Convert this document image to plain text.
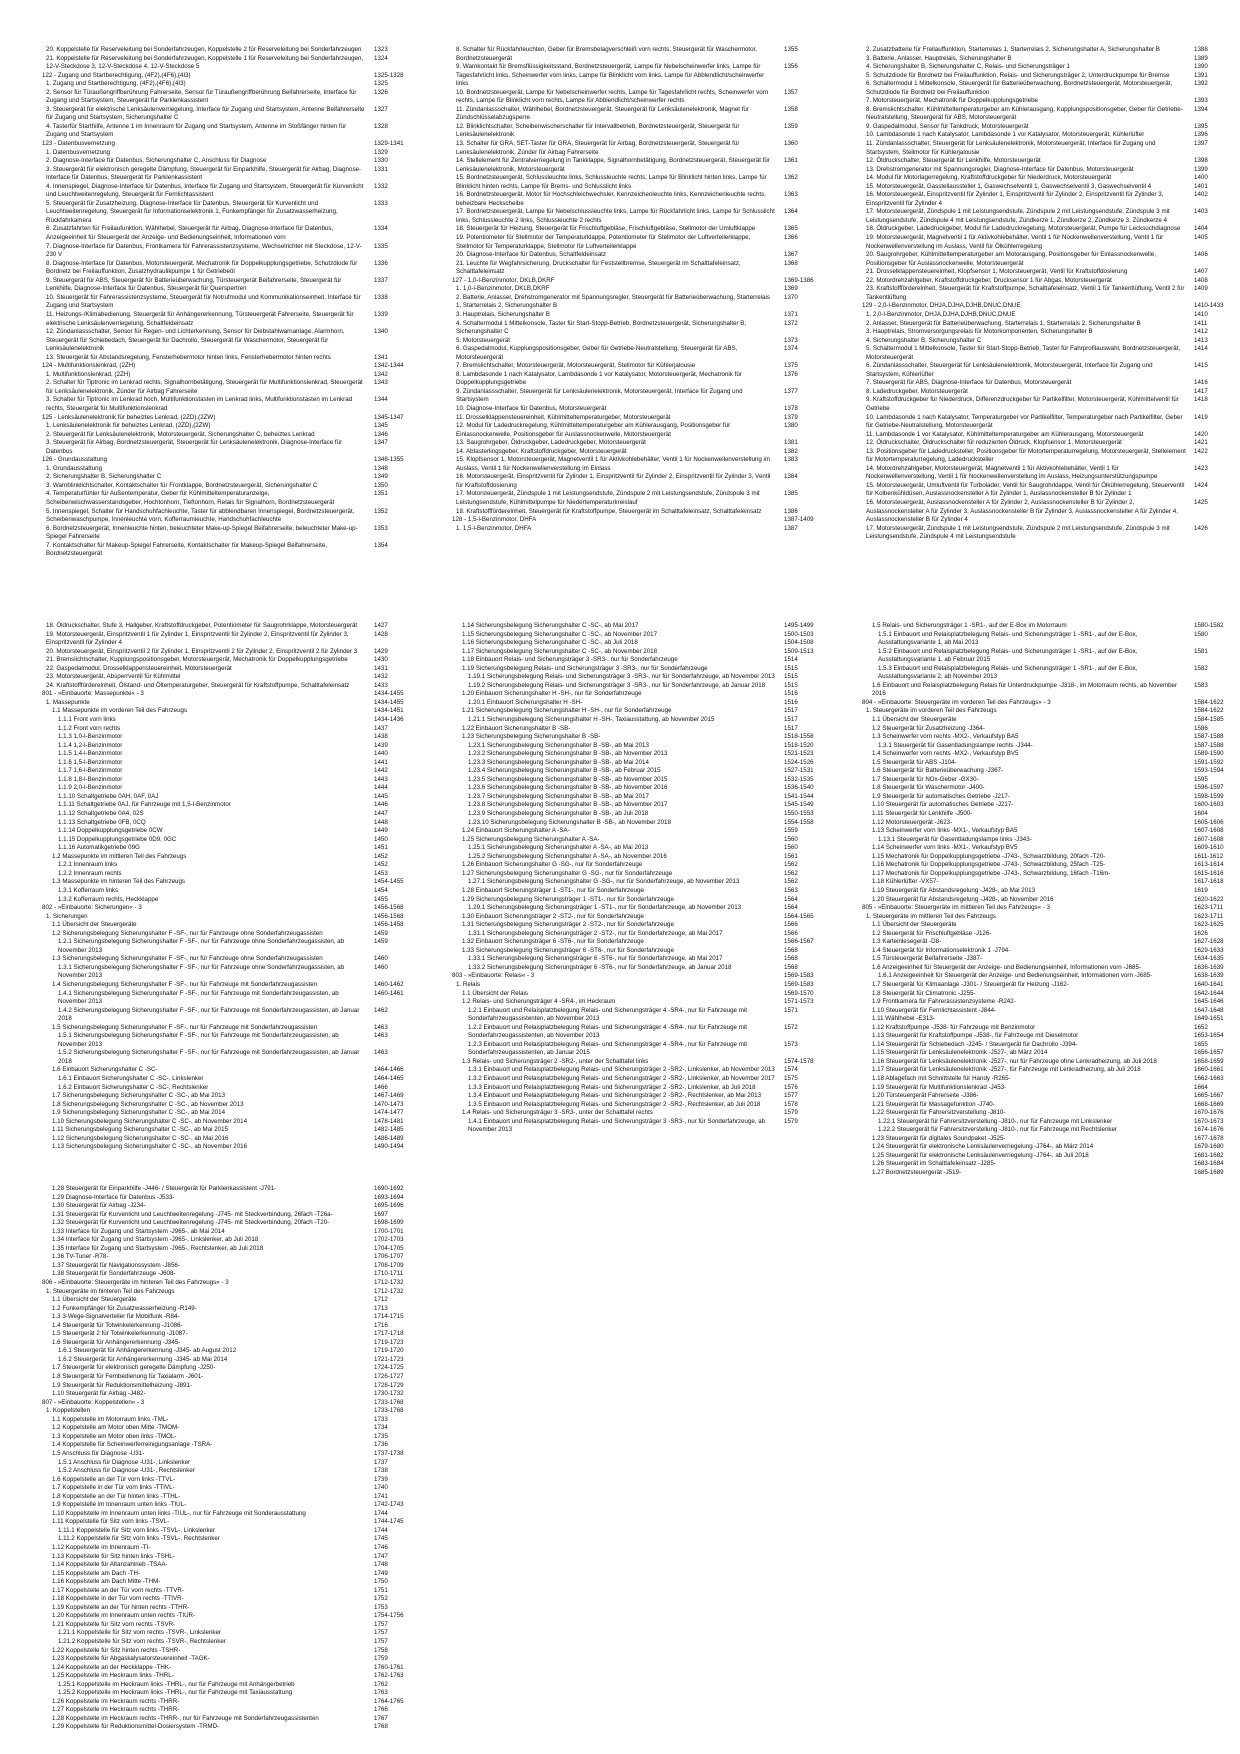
20. Koppelstelle für Reserveleitung bei Sonderfahrzeugen, Koppelstelle 2 für Reserveleitung bei Sonderfahrzeugen	1323
21. Koppelstelle für Reserveleitung bei Sonderfahrzeugen, Koppelstelle 1 für Reserveleitung bei Sonderfahrzeugen, 12-V-Steckdose 3, 12-V-Steckdose 4, 12-V-Steckdose 5
1324
122 - Zugang und Startberechtigung, (4F2),(4F6),(4I3)	1325-1328
1. Zugang und Startberechtigung, (4F2),(4F6),(4I3)	1325
2. Sensor für Türaußengriffberührung Fahrerseite, Sensor für Türaußengriffberührung Beifahrerseite, Interface für Zugang und Startsystem, Steuergerät für Parklenkassistent
1326
3. Steuergerät für elektrische Lenksäulenverriegelung, Interface für Zugang und Startsystem, Antenne Beifahrerseite für Zugang und Startsystem, Sicherungshalter C
1327
4. Tasterfür Starthilfe, Antenne 1 im Innenraum für Zugang und Startsystem, Antenne im Stoßfänger hinten für Zugang und Startsystem
1328
123 - Datenbusvernetzung	1329-1341
1. Datenbusvernetzung	1329
2. Diagnose-Interface für Datenbus, Sicherungshalter C, Anschluss für Diagnose	1330
3. Steuergerät für elektronisch geregelte Dämpfung, Steuergerät für Einparkhilfe, Steuergerät für Airbag, Diagnose-Interface für Datenbus, Steuergerät für Parklenkassistent
1331
4. Innenspiegel, Diagnose-Interface für Datenbus, Interface für Zugang und Startsystem, Steuergerät für Kurvenlicht und Leuchtweitenregelung, Steuergerät für Fernlichtassistent
1332
5. Steuergerät für Zusatzheizung, Diagnose-Interface für Datenbus, Steuergerät für Kurvenlicht und Leuchtweitenregelung, Steuergerät für Informationselektronik 1, Funkempfänger für Zusatzwasserheizung, Rückfahrkamera
1333
6. Zusatzfahrten für Freilaufunktion, Wählhebel, Steuergerät für Airbag, Diagnose-Interface für Datenbus, Anzeigeeinheit für Steuergerät der Anzeige- und Bedienungseinheit, Informationen vorn
1334
7. Diagnose-Interface für Datenbus, Frontkamera für Fahrerassistenzsysteme, Wechselrichter mit Steckdose, 12-V-230 V
1335
8. Diagnose-Interface für Datenbus, Motorsteuergerät, Mechatronik für Doppelkupplungsgetriebe, Schutzdiode für Bordnetz bei Freilauffunktion, Zusatzhydraulikpumpe 1 für Getriebeöl
1336
9. Steuergerät für ABS, Steuergerät für Batterieüberwachung, Türsteuergerät Beifahrerseite, Steuergerät für Lenkhilfe, Diagnose-Interface für Datenbus, Steuergerät für Querspertren
1337
10. Steuergerät für Fahrerassistenzsysteme, Steuergerät für Notrufmodul und Kommunikationseinheit, Interface für Zugang und Startsystem
1338
11. Heizungs-/Klimabedienung, Steuergerät für Anhängererkennung, Türsteuergerät Fahrerseite, Steuergerät für elektrische Lenksäulenverriegelung, Schaltfeldeinsatz
1339
12. Zündanlassschalter, Sensor für Regen- und Lichterkennung, Sensor für Diebstahlwarnanlage, Alarmhorn, Steuergerät für Schiebedach, Steuergerät für Dachrollo, Steuergerät für Waschermotor, Steuergerät für Lenksäulenelektronik
1340
13. Steuergerät für Abstandsregelung, Fensterhebermotor hinten links, Fensterhebermotor hinten rechts	1341
124 - Multifunktionslenkrad, (2ZH)	1342-1344
1. Multifunktionslenkrad, (2ZH)	1342
2. Schalter für Tiptronic im Lenkrad rechts, Signalhornbetätigung, Steuergerät für Multifunktionslenkrad, Steuergerät für Lenksäulenelektronik, Zünder für Airbag Fahrerseite
1343
3. Schalter für Tiptronic im Lenkrad hoch, Multifunktionstasten im Lenkrad links, Multifunktionstasten im Lenkrad rechts, Steuergerät für Multifunktionslenkrad
1344
125 - Lenksäulenelektronik für beheiztes Lenkrad, (2ZD),(2ZW)	1345-1347
1. Lenksäulenelektronik für beheiztes Lenkrad, (2ZD),(2ZW)	1345
2. Steuergerät für Lenksäulenelektronik, Motorsteuergerät, Sicherungshalter C, beheiztes Lenkrad	1346
3. Steuergerät für Airbag, Bordnetzsteuergerät, Steuergerät für Lenksäulenelektronik, Diagnose-Interface für Datenbus
1347
126 - Grundausstattung	1348-1355
1. Grundausstattung	1348
2. Sicherungshalter B, Sicherungshalter C	1349
3. Warnblinklichtschalter, Kontaktschalter für Frontklappe, Bordnetzsteuergerät, Sicherungshalter C	1350
4. Temperaturfühler für Außentemperatur, Geber für Kühlmitteltemperaturanzeige, Scheibenwischwasserstandsgeber, Hochtonhorn, Tieftonhorn, Relais für Signalhorn, Bordnetzsteuergerät
1351
5. Innenspiegel, Schalter für Handschuhfachleuchte, Taster für abblendbaren Innenspiegel, Bordnetzsteuergerät, Scheibenwaschpumpe, Innenleuchte vorn, Kofferraumleuchte, Handschuhfachleuchte
1352
6. Bordnetzsteuergerät, Innenleuchte hinten, beleuchteter Make-up-Spiegel Beifahrerseite, beleuchteter Make-up-Spiegel Fahrerseite
1353
7. Kontaktschalter für Makeup-Spiegel Fahrerseite, Kontaktschalter für Makeup-Spiegel Beifahrerseite, Bordnetzsteuergerät
1354
8. Schalter für Rückfahrleuchten, Geber für Bremsbelagverschleiß vorn rechts, Steuergerät für Waschermotor, Bordnetzsteuergerät
1355
9. Warnkontakt für Bremsflüssigkeitsstand, Bordnetzsteuergerät, Lampe für Nebelscheinwerfer links, Lampe für Tagesfahrlicht links, Scheinwerfer vorn links, Lampe für Blinklicht vorn links, Lampe für Abblendlicht/scheinwerfer links
1356
10. Bordnetzsteuergerät, Lampe für Nebelscheinwerfer rechts, Lampe für Tagesfahrlicht rechts, Scheinwerfer vorn rechts, Lampe für Blinklicht vorn rechts, Lampe für Abblendlicht/scheinwerfer rechts
1357
11. Zündanlassschalter, Wählhebel, Bordnetzsteuergerät, Steuergerät für Lenksäulenelektronik, Magnet für Zündschlüsselabzugsperre
1358
12. Blinklichtschalter, Scheibenwischerschalter für Intervallbetrieb, Bordnetzsteuergerät, Steuergerät für Lenksäulenelektronik
1359
13. Schalter für GRA, SET-Taster für GRA, Steuergerät für Airbag, Bordnetzsteuergerät, Steuergerät für Lenksäulenelektronik, Zünder für Airbag Fahrerseite
1360
14. Stellelement für Zentralverriegelung in Tankklappe, Signalhornbetätigung, Bordnetzsteuergerät, Steuergerät für Lenksäulenelektronik, Motorsteuergerät
1361
15. Bordnetzsteuergerät, Schlussleuchte links, Schlussleuchte rechts, Lampe für Blinklicht hinten links, Lampe für Blinklicht hinten rechts, Lampe für Brems- und Schlusslicht links
1362
16. Bordnetzsteuergerät, Motor für Hochschleichwechsler, Kennzeichenleuchte links, Kennzeichenleuchte rechts, beheizbare Heckscheibe
1363
17. Bordnetzsteuergerät, Lampe für Nebelschlussleuchte links, Lampe für Rückfahrlicht links, Lampe für Schlusslicht links, Schlussleuchte 2 links, Schlussleuchte 2 rechts
1364
18. Steuergerät für Heizung, Steuergerät für Frischluftgebläse, Frischluftgebläse, Stellmotor der Umluftklappe	1365
19. Potentiometer für Stellmotor der Temperaturklappe, Potentiometer für Stellmotor der Luftverteilerklappe, Stellmotor für Temperaturklappe, Stellmotor für Luftverteilerklappe
1366
20. Diagnose-Interface für Datenbus, Schaltfeldeinsatz	1367
21. Leuchte für Wegfahrsicherung, Druckschalter für Feststellbremse, Steuergerät im Schalttafeleinsatz, Schalttafeleinsatz
1368
127 - 1,0-l-Benzinmotor, DKLB,DKRF	1369-1386
1. 1,0-l-Benzinmotor, DKLB,DKRF	1369
2. Batterie, Anlasser, Drehstromgenerator mit Spannungsregler, Steuergerät für Batterieüberwachung, Starterrelais 1, Starterrelais 2, Sicherungshalter B
1370
3. Hauptrelais, Sicherungshalter B	1371
4. Schaltermodul 1 Mittelkonsole, Taster für Start-Stopp-Betrieb, Bordnetzsteuergerät, Sicherungshalter B, Sicherungshalter C
1372
5. Motorsteuergerät	1373
6. Gaspedalmodul, Kupplungspositionsgeber, Geber für Getriebe-Neutralstellung, Steuergerät für ABS, Motorsteuergerät
1374
7. Bremslichtschalter, Motorsteuergerät, Motorsteuergerät, Stellmotor für Kühlerjalousie	1375
8. Lambdasonde 1 nach Katalysator, Lambdasonde 1 vor Katalysator, Motorsteuergerät, Mechatronik für Doppelkupplungsgetriebe
1376
9. Zündanlassschalter, Steuergerät für Lenksäulenelektronik, Motorsteuergerät, Interface für Zugang und Startsystem
1377
10. Diagnose-Interface für Datenbus, Motorsteuergerät	1378
11. Drosselklappensteuereinheit, Kühlmitteltemperaturgeber, Motorsteuergerät	1379
12. Modul für Ladedruckregelung, Kühlmitteltemperaturgeber am Kühlerausgang, Positionsgeber für Einlassnockenwelle, Positionsgeber für Auslassnockenwelle, Motorsteuergerät
1380
13. Saugrohrgeber, Öldruckgeber, Ladedruckgeber, Motorsteuergerät	1381
14. Abtasterlingsgeber, Kraftstoffdruckgeber, Motorsteuergerät	1382
15. Klopfsensor 1, Motorsteuergerät, Magnetventil 1 für Aktivkohlebehälter, Ventil 1 für Nockenwellenverstellung im Auslass, Ventil 1 für Nockenwellenverstellung im Einlass
1383
16. Motorsteuergerät, Einspritzventil für Zylinder 1, Einspritzventil für Zylinder 2, Einspritzventil für Zylinder 3, Ventil für Kraftstoffdosierung
1384
17. Motorsteuergerät, Zündspule 1 mit Leistungsendstufe, Zündspule 2 mit Leistungsendstufe, Zündspule 3 mit Leistungsendstufe, Kühlmittelpumpe für Niedertemperaturkreislauf
1385
18. Kraftstoffförderelnheit, Steuergerät für Kraftstoffpumpe, Steuergerät im Schalttafeleinsatz, Schalttafeleinsatz	1386
128 - 1,5-l-Benzinmotor, DHFA	1387-1409
1. 1,5-l-Benzinmotor, DHFA	1387
2. Zusatzbatterie für Freilauffunktion, Starterrelais 1, Starterrelais 2, Sicherungshalter A, Sicherungshalter B	1388
3. Batterie, Anlasser, Hauptrelais, Sicherungshalter B	1389
4. Sicherungshalter B, Sicherungshalter C, Relais- und Sicherungsträger 1	1390
5. Schutzdiode für Bordnetz bei Freilauffunktion, Relais- und Sicherungsträger 2, Unterdruckpumpe für Bremse	1391
6. Schaltermodul 1 Mittelkonsole, Steuergerät für Batterieüberwachung, Bordnetzsteuergerät, Motorsteuergerät, Schutzdiode für Bordnetz bei Freilauffunktion
1392
7. Motorsteuergerät, Mechatronik für Doppelkupplungsgetriebe	1393
8. Bremslichtschalter, Kühlmitteltemperaturgeber am Kühlerausgang, Kupplungspositionsgeber, Geber für Getriebe-Neutralstellung, Steuergerät für ABS, Motorsteuergerät
1394
9. Gaspedalmodul, Sensor für Tankdruck, Motorsteuergerät	1395
10. Lambdasonde 1 nach Katalysator, Lambdasonde 1 vor Katalysator, Motorsteuergerät, Kühlerlüfter	1396
11. Zündanlassschalter, Steuergerät für Lenksäulenelektronik, Motorsteuergerät, Interface für Zugang und Startsystem, Stellmotor für Kühlerjalousie
1397
12. Öldruckschalter, Steuergerät für Lenkhilfe, Motorsteuergerät	1398
13. Drehstromgenerator mit Spannungsregler, Diagnose-Interface für Datenbus, Motorsteuergerät	1399
14. Modul für Motorlagerregelung, Kraftstoffdruckgeber für Niederdruck, Motorsteuergerät	1400
15. Motorsteuergerät, Gasstellaussteller 1, Gaswechselventil 1, Gaswechselventil 3, Gaswechselventil 4	1401
16. Motorsteuergerät, Einspritzventil für Zylinder 1, Einspritzventil für Zylinder 2, Einspritzventil für Zylinder 3, Einspritzventil für Zylinder 4
1402
17. Motorsteuergerät, Zündspule 1 mit Leistungsendstufe, Zündspule 2 mit Leistungsendstufe, Zündspule 3 mit Leistungsendstufe, Zündspule 4 mit Leistungsendstufe, Zündkerze 1, Zündkerze 2, Zündkerze 3, Zündkerze 4
1403
18. Öldruckgeber, Ladedruckgeber, Modul für Ladedruckregelung, Motorsteuergerät, Pumpe für Lecksuchdiagnose	1404
19. Motorsteuergerät, Magnetventil 1 für Aktivkohlebehälter, Ventil 1 für Nockenwellenverstellung, Ventil 1 für Nockenwellenverstellung im Auslass, Ventil für Ölkühlerregelung
1405
20. Saugrohrgeber, Kühlmitteltemperaturgeber am Motorausgang, Positionsgeber für Einlassnockenwelle, Positionsgeber für Auslassnockenwelle, Motorsteuergerät
1406
21. Drosselklappensteuereinheit, Klopfsensor 1, Motorsteuergerät, Ventil für Kraftstoffdosierung	1407
22. Motordrehzahlgeber, Kraftstoffdruckgeber, Drucksensor 1 für Abgas, Motorsteuergerät	1408
23. Kraftstoffförderelnheit, Steuergerät für Kraftstoffpumpe, Schalttafeleinsatz, Ventil 1 für Tankentlüftung, Ventil 2 für Tankentlüftung
1409
129 - 2,0-l-Benzinmotor, DHJA,DJHA,DJHB,DNUC,DNUE	1410-1433
1. 2,0-l-Benzinmotor, DHJA,DJHA,DJHB,DNUC,DNUE	1410
2. Anlasser, Steuergerät für Batterieüberwachung, Starterrelais 1, Starterrelais 2, Sicherungshalter B	1411
3. Hauptrelais, Stromversorgungsrelais für Motorkomponenten, Sicherungshalter B	1412
4. Sicherungshalter B, Sicherungshalter C	1413
5. Schaltermodul 1 Mittelkonsole, Taster für Start-Stopp-Betrieb, Taster für Fahrprofilauswahl, Bordnetzsteuergerät, Motorsteuergerät
1414
6. Zündanlassschalter, Steuergerät für Lenksäulenelektronik, Motorsteuergerät, Interface für Zugang und Startsystem, Kühlerlüfter
1415
7. Steuergerät für ABS, Diagnose-Interface für Datenbus, Motorsteuergerät	1416
8. Ladedruckgeber, Motorsteuergerät	1417
9. Kraftstoffdruckgeber für Niederdruck, Differenzdruckgeber für Partikelfilter, Motorsteuergerät, Kühlmittelventil für Getriebe
1418
10. Lambdasonde 1 nach Katalysator, Temperaturgeber vor Partikelfilter, Temperaturgeber nach Partikelfilter, Geber für Getriebe-Neutralstellung, Motorsteuergerät
1419
11. Lambdasonde 1 vor Katalysator, Kühlmitteltemperaturgeber am Kühlerausgang, Motorsteuergerät	1420
12. Öldruckschalter, Öldruckschalter für reduzierten Öldruck, Klopfsensor 1, Motorsteuergerät	1421
13. Positionsgeber für Ladedrucksteller, Positionsgeber für Motortemperaturregelung, Motorsteuergerät, Stellelement für Motortemperaturregelung, Ladedrucksteller
1422
14. Motordrehzahlgeber, Motorsteuergerät, Magnetventil 1 für Aktivkohlebehälter, Ventil 1 für Nockenwellenverstellung, Ventil 1 für Nockenwellenverstellung im Auslass, Heizungsunterstützungspumpe
1423
15. Motorsteuergerät, Umluftventil für Turbolader, Ventil für Saugrohrklappe, Ventil für Ölkühlerregelung, Steuerventil für Kolbenkühldüsen, Auslassnockensteller A für Zylinder 1, Auslassnockensteller B für Zylinder 1
1424
16. Motorsteuergerät, Auslassnockensteller A für Zylinder 2, Auslassnockensteller B für Zylinder 2, Auslassnockensteller A für Zylinder 3, Auslassnockensteller B für Zylinder 3, Auslassnockensteller A für Zylinder 4, Auslassnockensteller B für Zylinder 4
1425
17. Motorsteuergerät, Zündspule 1 mit Leistungsendstufe, Zündspule 2 mit Leistungsendstufe, Zündspule 3 mit Leistungsendstufe, Zündspule 4 mit Leistungsendstufe
1426
18. Öldruckschalter, Stufe 3, Hallgeber, Kraftstoffdruckgeber, Potentiometer für Saugrohrklappe, Motorsteuergerät	1427
19. Motorsteuergerät, Einspritzventil 1 für Zylinder 1, Einspritzventil für Zylinder 2, Einspritzventil für Zylinder 3, Einspritzventil für Zylinder 4
1428
20. Motorsteuergerät, Einspritzventil 2 für Zylinder 1, Einspritzventil 2 für Zylinder 2, Einspritzventil 2 für Zylinder 3	1429
21. Bremslichtschalter, Kupplungspositionsgeber, Motorsteuergerät, Mechatronik für Doppelkupplungsgetriebe	1430
22. Gaspedalmodul, Drosselklappensteuereinheit, Motorsteuergerät	1431
23. Motorsteuergerät, Absperrventil für Kühlmittel	1432
24. Kraftstoffförderelnheit, Ölstand- und Öltemperaturgeber, Steuergerät für Kraftstoffpumpe, Schalttafeleinsatz	1433
801 - »Einbauorte: Massepunkte« - 3	1434-1455
1. Massepunkte	1434-1455
1.1 Massepunkte im vorderen Teil des Fahrzeugs	1434-1451
1.1.1 Front vorn links	1434-1436
1.1.2 Front vorn rechts	1437
1.1.3 1,0-l-Benzinmotor	1438
1.1.4 1,2-l-Benzinmotor	1439
1.1.5 1,4-l-Benzinmotor	1440
1.1.6 1,5-l-Benzinmotor	1441
1.1.7 1,6-l-Benzinmotor	1442
1.1.8 1,8-l-Benzinmotor	1443
1.1.9 2,0-l-Benzinmotor	1444
1.1.10 Schaltgetriebe 0AH, 0AF, 0AJ	1445
1.1.11 Schaltgetriebe 0AJ, für Fahrzeuge mit 1,5-l-Benzinmotor	1446
1.1.12 Schaltgetriebe 0A4, 02S	1447
1.1.13 Schaltgetriebe 0FB, 0CQ	1448
1.1.14 Doppelkupplungsgetriebe 0CW	1449
1.1.15 Doppelkupplungsgetriebe 0D9, 0GC	1450
1.1.16 Automatikgetriebe 09G	1451
1.2 Massepunkte im mittleren Teil des Fahrzeugs	1452
1.2.1 Innenraum links	1452
1.2.2 Innenraum rechts	1453
1.3 Massepunkte im hinteren Teil des Fahrzeugs	1454-1455
1.3.1 Kofferraum links	1454
1.3.2 Kofferraum rechts, Heckklappe	1455
802 - »Einbauorte: Sicherungen« - 3	1456-1568
1. Sicherungen	1456-1568
1.1 Übersicht der Steuergeräte	1456-1458
1.2 Sicherungsbelegung Sicherungshalter F -SF-, nur für Fahrzeuge ohne Sonderfahrzeugassisten	1459
1.2.1 Sicherungsbelegung Sicherungshalter F -SF-, nur für Fahrzeuge ohne Sonderfahrzeugassisten, ab November 2013
1459
1.3 Sicherungsbelegung Sicherungshalter F -SF-, nur für Fahrzeuge ohne Sonderfahrzeugassisten	1460
1.3.1 Sicherungsbelegung Sicherungshalter F -SF-, nur für Fahrzeuge ohne Sonderfahrzeugassisten, ab November 2013
1460
1.4 Sicherungsbelegung Sicherungshalter F -SF-, nur für Fahrzeuge mit Sonderfahrzeugassisten	1460-1462
1.4.1 Sicherungsbelegung Sicherungshalter F -SF-, nur für Fahrzeuge mit Sonderfahrzeugassisten, ab November 2013
1460-1461
1.4.2 Sicherungsbelegung Sicherungshalter F -SF-, nur für Fahrzeuge mit Sonderfahrzeugassisten, ab Januar 2018
1462
1.5 Sicherungsbelegung Sicherungshalter F -SF-, nur für Fahrzeuge mit Sonderfahrzeugassisten	1463
1.5.1 Sicherungsbelegung Sicherungshalter F -SF-, nur für Fahrzeuge mit Sonderfahrzeugassisten, ab November 2013
1463
1.5.2 Sicherungsbelegung Sicherungshalter F -SF-, nur für Fahrzeuge mit Sonderfahrzeugassisten, ab Januar 2018
1463
1.6 Einbauort Sicherungshalter C -SC-	1464-1466
1.6.1 Einbauort Sicherungshalter C -SC-, Linkslenker	1464-1465
1.6.2 Einbauort Sicherungshalter C -SC-, Rechtslenker	1466
1.7 Sicherungsbelegung Sicherungshalter C -SC-, ab Mai 2013	1467-1469
1.8 Sicherungsbelegung Sicherungshalter C -SC-, ab November 2013	1470-1473
1.9 Sicherungsbelegung Sicherungshalter C -SC-, ab Mai 2014	1474-1477
1.10 Sicherungsbelegung Sicherungshalter C -SC-, ab November 2014	1478-1481
1.11 Sicherungsbelegung Sicherungshalter C -SC-, ab Mai 2015	1482-1485
1.12 Sicherungsbelegung Sicherungshalter C -SC-, ab Mai 2016	1486-1489
1.13 Sicherungsbelegung Sicherungshalter C -SC-, ab November 2016	1490-1494
1.14 Sicherungsbelegung Sicherungshalter C -SC-, ab Mai 2017	1495-1499
1.15 Sicherungsbelegung Sicherungshalter C -SC-, ab November 2017	1500-1503
1.16 Sicherungsbelegung Sicherungshalter C -SC-, ab Juli 2018	1504-1508
1.17 Sicherungsbelegung Sicherungshalter C -SC-, ab November 2018	1509-1513
1.18 Einbauort Relais- und Sicherungsträger 3 -SR3-, nur für Sonderfahrzeuge	1514
1.19 Sicherungsbelegung Relais- und Sicherungsträger 3 -SR3-, nur für Sonderfahrzeuge	1515
1.19.1 Sicherungsbelegung Relais- und Sicherungsträger 3 -SR3-, nur für Sonderfahrzeuge, ab November 2013	1515
1.19.2 Sicherungsbelegung Relais- und Sicherungsträger 3 -SR3-, nur für Sonderfahrzeuge, ab Januar 2018	1515
1.20 Einbauort Sicherungshalter H -SH-, nur für Sonderfahrzeuge	1516
1.20.1 Einbauort Sicherungshalter H -SH-	1516
1.21 Sicherungsbelegung Sicherungshalter H -SH-, nur für Sonderfahrzeuge	1517
1.21.1 Sicherungsbelegung Sicherungshalter H -SH-, Taxiausstattung, ab November 2015	1517
1.22 Einbauort Sicherungshalter B -SB-	1517
1.23 Sicherungsbelegung Sicherungshalter B -SB-	1518-1558
1.23.1 Sicherungsbelegung Sicherungshalter B -SB-, ab Mai 2013	1518-1520
1.23.2 Sicherungsbelegung Sicherungshalter B -SB-, ab November 2013	1521-1523
1.23.3 Sicherungsbelegung Sicherungshalter B -SB-, ab Mai 2014	1524-1526
1.23.4 Sicherungsbelegung Sicherungshalter B -SB-, ab Februar 2015	1527-1531
1.23.5 Sicherungsbelegung Sicherungshalter B -SB-, ab November 2015	1532-1535
1.23.6 Sicherungsbelegung Sicherungshalter B -SB-, ab November 2016	1536-1540
1.23.7 Sicherungsbelegung Sicherungshalter B -SB-, ab Mai 2017	1541-1544
1.23.8 Sicherungsbelegung Sicherungshalter B -SB-, ab November 2017	1545-1549
1.23.9 Sicherungsbelegung Sicherungshalter B -SB-, ab Juli 2018	1550-1553
1.23.10 Sicherungsbelegung Sicherungshalter B -SB-, ab November 2018	1554-1558
1.24 Einbauort Sicherungshalter A -SA-	1559
1.25 Sicherungsbelegung Sicherungshalter A -SA-	1560
1.25.1 Sicherungsbelegung Sicherungshalter A -SA-, ab Mai 2013	1560
1.25.2 Sicherungsbelegung Sicherungshalter A -SA-, ab November 2016	1561
1.26 Einbauort Sicherungshalter G -SG-, nur für Sonderfahrzeuge	1562
1.27 Sicherungsbelegung Sicherungshalter G -SG-, nur für Sonderfahrzeuge	1562
1.27.1 Sicherungsbelegung Sicherungshalter G -SG-, nur für Sonderfahrzeuge, ab November 2013	1562
1.28 Einbauort Sicherungsträger 1 -ST1-, nur für Sonderfahrzeuge	1563
1.29 Sicherungsbelegung Sicherungsträger 1 -ST1-, nur für Sonderfahrzeuge	1564
1.29.1 Sicherungsbelegung Sicherungsträger 1 -ST1-, nur für Sonderfahrzeuge, ab November 2013	1564
1.30 Einbauort Sicherungsträger 2 -ST2-, nur für Sonderfahrzeuge	1564-1565
1.31 Sicherungsbelegung Sicherungsträger 2 -ST2-, nur für Sonderfahrzeuge	1566
1.31.1 Sicherungsbelegung Sicherungsträger 2 -ST2-, nur für Sonderfahrzeuge, ab Mai 2017	1566
1.32 Einbauort Sicherungsträger 6 -ST6-, nur für Sonderfahrzeuge	1566-1567
1.33 Sicherungsbelegung Sicherungsträger 6 -ST6-, nur für Sonderfahrzeuge	1568
1.33.1 Sicherungsbelegung Sicherungsträger 6 -ST6-, nur für Sonderfahrzeuge, ab Mai 2017	1568
1.33.2 Sicherungsbelegung Sicherungsträger 6 -ST6-, nur für Sonderfahrzeuge, ab Januar 2018	1568
803 - »Einbauorte: Relais« - 3	1569-1583
1. Relais	1569-1583
1.1 Übersicht der Relais	1569-1570
1.2 Relais- und Sicherungsträger 4 -SR4-, im Heckraum	1571-1573
1.2.1 Einbauort und Relaisplatzbelegung Relais- und Sicherungsträger 4 -SR4-, nur für Fahrzeuge mit Sonderfahrzeugassistenten, ab November 2013
1571
1.2.2 Einbauort und Relaisplatzbelegung Relais- und Sicherungsträger 4 -SR4-, nur für Fahrzeuge mit Sonderfahrzeugassistenten, ab November 2013
1572
1.2.3 Einbauort und Relaisplatzbelegung Relais- und Sicherungsträger 4 -SR4-, nur für Fahrzeuge mit Sonderfahrzeugassistenten, ab Januar 2015
1573
1.3 Relais- und Sicherungsträger 2 -SR2-, unter der Schalttafel links	1574-1578
1.3.1 Einbauort und Relaisplatzbelegung Relais- und Sicherungsträger 2 -SR2-, Linkslenker, ab November 2013	1574
1.3.2 Einbauort und Relaisplatzbelegung Relais- und Sicherungsträger 2 -SR2-, Linkslenker, ab November 2017	1575
1.3.3 Einbauort und Relaisplatzbelegung Relais- und Sicherungsträger 2 -SR2-, Linkslenker, ab Juli 2018	1576
1.3.4 Einbauort und Relaisplatzbelegung Relais- und Sicherungsträger 2 -SR2-, Rechtslenker, ab Mai 2013	1577
1.3.5 Einbauort und Relaisplatzbelegung Relais- und Sicherungsträger 2 -SR2-, Rechtslenker, ab Juli 2018	1578
1.4 Relais- und Sicherungsträger 3 -SR3-, unter der Schalttafel rechts	1579
1.4.1 Einbauort und Relaisplatzbelegung Relais- und Sicherungsträger 3 -SR3-, nur für Sonderfahrzeuge, ab November 2013
1579
1.5 Relais- und Sicherungsträger 1 -SR1-, auf der E-Box im Motorraum	1580-1582
1.5.1 Einbauort und Relaisplatzbelegung Relais- und Sicherungsträger 1 -SR1-, auf der E-Box, Ausstattungsvariante 1, ab Mai 2013
1580
1.5.2 Einbauort und Relaisplatzbelegung Relais- und Sicherungsträger 1 -SR1-, auf der E-Box, Ausstattungsvariante 1, ab Februar 2015
1581
1.5.3 Einbauort und Relaisplatzbelegung Relais- und Sicherungsträger 1 -SR1-, auf der E-Box, Ausstattungsvariante 2, ab November 2013
1582
1.6 Einbauort und Relaisplatzbelegung Relais für Unterdruckpumpe -J318-, im Motorraum rechts, ab November 2016
1583
804 - »Einbauorte: Steuergeräte im vorderen Teil des Fahrzeugs« - 3	1584-1622
1. Steuergeräte im vorderen Teil des Fahrzeugs	1584-1622
1.1 Übersicht der Steuergeräte	1584-1585
1.2 Steuergerät für Zusatzheizung -J364-	1586
1.3 Scheinwerfer vorn rechts -MX2-, Verkaufstyp BA5	1587-1588
1.3.1 Steuergerät für Gasentladungslampe rechts -J344-	1587-1588
1.4 Scheinwerfer vorn rechts -MX2-, Verkaufstyp BV5	1589-1590
1.5 Steuergerät für ABS -J104-	1591-1592
1.6 Steuergerät für Batterieüberwachung -J367-	1593-1594
1.7 Steuergerät für NOx-Geber -GX30-	1595
1.8 Steuergerät für Waschermotor -J400-	1596-1597
1.9 Steuergerät für automatisches Getriebe -J217-	1598-1599
1.10 Steuergerät für automatisches Getriebe -J217-	1600-1603
1.11 Steuergerät für Lenkhilfe -J500-	1604
1.12 Motorsteuergerät -J623-	1605-1606
1.13 Scheinwerfer vorn links -MX1-, Verkaufstyp BA5	1607-1608
1.13.1 Steuergerät für Gasentladungslampe links -J343-	1607-1608
1.14 Scheinwerfer vorn links -MX1-, Verkaufstyp BV5	1609-1610
1.15 Mechatronik für Doppelkupplungsgetriebe -J743-, Schwarzbildung, 20fach -T20-	1611-1612
1.16 Mechatronik für Doppelkupplungsgetriebe -J743-, Schwarzbildung, 25fach -T25-	1613-1614
1.17 Mechatronik für Doppelkupplungsgetriebe -J743-, Schwarzbildung, 16fach -T16m-	1615-1616
1.18 Kühlerlüfter -VX57-	1617-1618
1.19 Steuergerät für Abstandsregelung -J428-, ab Mai 2013	1619
1.20 Steuergerät für Abstandsregelung -J428-, ab November 2016	1620-1622
805 - »Einbauorte: Steuergeräte im mittleren Teil des Fahrzeugs« - 3	1623-1711
1. Steuergeräte im mittleren Teil des Fahrzeugs	1623-1711
1.1 Übersicht der Steuergeräte	1623-1625
1.2 Steuergerät für Frischluftgebläse -J126-	1626
1.3 Karteinlesegerät -D8-	1627-1628
1.4 Steuergerät für Informationselektronik 1 -J794-	1629-1633
1.5 Türsteuergerät Beifahrerseite -J387-	1634-1635
1.6 Anzeigeeinheit für Steuergerät der Anzeige- und Bedienungseinheit, Informationen vorn -J685-	1636-1639
1.6.1 Anzeigeeinheit für Steuergerät der Anzeige- und Bedienungseinheit, Informationen vorn -J685-	1638-1639
1.7 Steuergerät für Klimaanlage -J301- / Steuergerät für Heizung -J162-	1640-1641
1.8 Steuergerät für Climatronic -J255-	1642-1644
1.9 Frontkamera für Fahrerassistenzsysteme -R242-	1645-1646
1.10 Steuergerät für Fernlichtassistent -J844-	1647-1648
1.11 Wählhebel -E313-	1649-1651
1.12 Kraftstoffpumpe -J538- für Fahrzeuge mit Benzinmotor	1652
1.13 Steuergerät für Kraftstoffpumpe -J538-, für Fahrzeuge mit Dieselmotor	1653-1654
1.14 Steuergerät für Schiebedach -J245- / Steuergerät für Dachrollo -J394-	1655
1.15 Steuergerät für Lenksäulenelektronik -J527-, ab März 2014	1656-1657
1.16 Steuergerät für Lenksäulenelektronik -J527-, nur für Fahrzeuge ohne Lenkradheizung, ab Juli 2018	1658-1659
1.17 Steuergerät für Lenksäulenelektronik -J527-, für Fahrzeuge mit Lenkradheizung, ab Juli 2018	1660-1661
1.18 Ablagefach mit Schnittstelle für Handy -R265-	1662-1663
1.19 Steuergerät für Multifunktionslenkrad -J453-	1664
1.20 Türsteuergerät Fahrerseite -J386-	1665-1667
1.21 Steuergerät für Massagefunktion -J740-	1668-1669
1.22 Steuergerät für Fahrersitzverstellung -J810-	1670-1676
1.22.1 Steuergerät für Fahrersitzverstellung -J810-, nur für Fahrzeuge mit Linkslenker	1670-1673
1.22.2 Steuergerät für Fahrersitzverstellung -J810-, nur für Fahrzeuge mit Rechtslenker	1674-1676
1.23 Steuergerät für digitales Soundpaket -J525-	1677-1678
1.24 Steuergerät für elektronische Lenksäulenverriegelung -J764-, ab März 2014	1679-1680
1.25 Steuergerät für elektronische Lenksäulenverriegelung -J764-, ab Juli 2018	1681-1682
1.26 Steuergerät im Schalttafeleinsatz -J285-	1683-1684
1.27 Bordnetzsteuergerät -J519-	1685-1689
1.28 Steuergerät für Einparkhilfe -J446- / Steuergerät für Parklenkassistent -J791-	1690-1692
1.29 Diagnose-Interface für Datenbus -J533-	1693-1694
1.30 Steuergerät für Airbag -J234-	1695-1696
1.31 Steuergerät für Kurvenlicht und Leuchtweitenregelung -J745- mit Steckverbindung, 26fach -T26a-	1697
1.32 Steuergerät für Kurvenlicht und Leuchtweitenregelung -J745- mit Steckverbindung, 20fach -T20-	1698-1699
1.33 Interface für Zugang und Startsystem -J965-, ab Mai 2014	1700-1701
1.34 Interface für Zugang und Startsystem -J965-, Linkslenker, ab Juli 2018	1702-1703
1.35 Interface für Zugang und Startsystem -J965-, Rechtslenker, ab Juli 2018	1704-1705
1.36 TV-Tuner -R78-	1706-1707
1.37 Steuergerät für Navigationssystem -J856-	1708-1709
1.38 Steuergerät für Sonderfahrzeuge -J608-	1710-1711
806 - »Einbauorte: Steuergeräte im hinteren Teil des Fahrzeugs« - 3	1712-1732
1. Steuergeräte im hinteren Teil des Fahrzeugs	1712-1732
1.1 Übersicht der Steuergeräte	1712
1.2 Funkempfänger für Zusatzwasserheizung -R149-	1713
1.3 3-Wege-Signalverteiler für Mobilfunk -R84-	1714-1715
1.4 Steuergerät für Totwinkelerkennung -J1086-	1716
1.5 Steuergerät 2 für Totwinkelerkennung -J1087-	1717-1718
1.6 Steuergerät für Anhängererkennung -J345-	1719-1723
1.6.1 Steuergerät für Anhängererkennung -J345- ab August 2012	1719-1720
1.6.2 Steuergerät für Anhängererkennung -J345- ab Mai 2014	1721-1723
1.7 Steuergerät für elektronisch geregelte Dämpfung -J250-	1724-1725
1.8 Steuergerät für Fernbedienung für Taxialarm -J601-	1726-1727
1.9 Steuergerät für Reduktionsmittelheizung -J891-	1728-1729
1.10 Steuergerät für Airbag -J482-	1730-1732
807 - »Einbauorte: Koppelstellen« - 3	1733-1768
1. Koppelstellen	1733-1768
1.1 Koppelstelle im Motorraum links -TML-	1733
1.2 Koppelstelle am Motor oben Mitte -TMOM-	1734
1.3 Koppelstelle am Motor oben links -TMOL-	1735
1.4 Koppelstelle für Scheinwerferreinigungsanlage -TSRA-	1736
1.5 Anschluss für Diagnose -U31-	1737-1738
1.5.1 Anschluss für Diagnose -U31-, Linkslenker	1737
1.5.2 Anschluss für Diagnose -U31-, Rechtslenker	1738
1.6 Koppelstelle an der Tür vorn links -TTVL-	1739
1.7 Koppelstelle in der Tür vorn links -TTIVL-	1740
1.8 Koppelstelle an der Tür hinten links -TTHL-	1741
1.9 Koppelstelle im Innenraum unten links -TIUL-	1742-1743
1.10 Koppelstelle im Innenraum unten links -TIUL-, nur für Fahrzeuge mit Sonderausstattung	1744
1.11 Koppelstelle für Sitz vorn links -TSVL-	1744-1745
1.11.1 Koppelstelle für Sitz vorn links -TSVL-, Linkslenker	1744
1.11.2 Koppelstelle für Sitz vorn links -TSVL-, Rechtslenker	1745
1.12 Koppelstelle im Innenraum -TI-	1746
1.13 Koppelstelle für Sitz hinten links -TSHL-	1747
1.14 Koppelstelle für Altanzahlrieb -TSAA-	1748
1.15 Koppelstelle am Dach -TH-	1749
1.16 Koppelstelle am Dach Mitte -THM-	1750
1.17 Koppelstelle an der Tür vorn rechts -TTVR-	1751
1.18 Koppelstelle in der Tür vorn rechts -TTIVR-	1752
1.19 Koppelstelle an der Tür hinten rechts -TTHR-	1753
1.20 Koppelstelle im Innenraum unten rechts -TIUR-	1754-1756
1.21 Koppelstelle für Sitz vorn rechts -TSVR-	1757
1.21.1 Koppelstelle für Sitz vorn rechts -TSVR-, Linkslenker	1757
1.21.2 Koppelstelle für Sitz vorn rechts -TSVR-, Rechtslenker	1757
1.22 Koppelstelle für Sitz hinten rechts -TSHR-	1758
1.23 Koppelstelle für Abgaskalysatorsteuereinheit -TAGK-	1759
1.24 Koppelstelle an der Heckklappe -THK-	1760-1761
1.25 Koppelstelle im Heckraum links -THRL-	1762-1763
1.25.1 Koppelstelle im Heckraum links -THRL-, nur für Fahrzeuge mit Anhängerbetrieb	1762
1.25.2 Koppelstelle im Heckraum links -THRL-, nur für Fahrzeuge mit Taxiausstattung	1763
1.26 Koppelstelle im Heckraum rechts -THRR-	1764-1765
1.27 Koppelstelle im Heckraum rechts -THRR-	1766
1.28 Koppelstelle im Heckraum rechts -THRR-, nur für Fahrzeuge mit Sonderfahrzeugassistenten	1767
1.29 Koppelstelle für Reduktionsmittel-Dosiersystem -TRMD-	1768
